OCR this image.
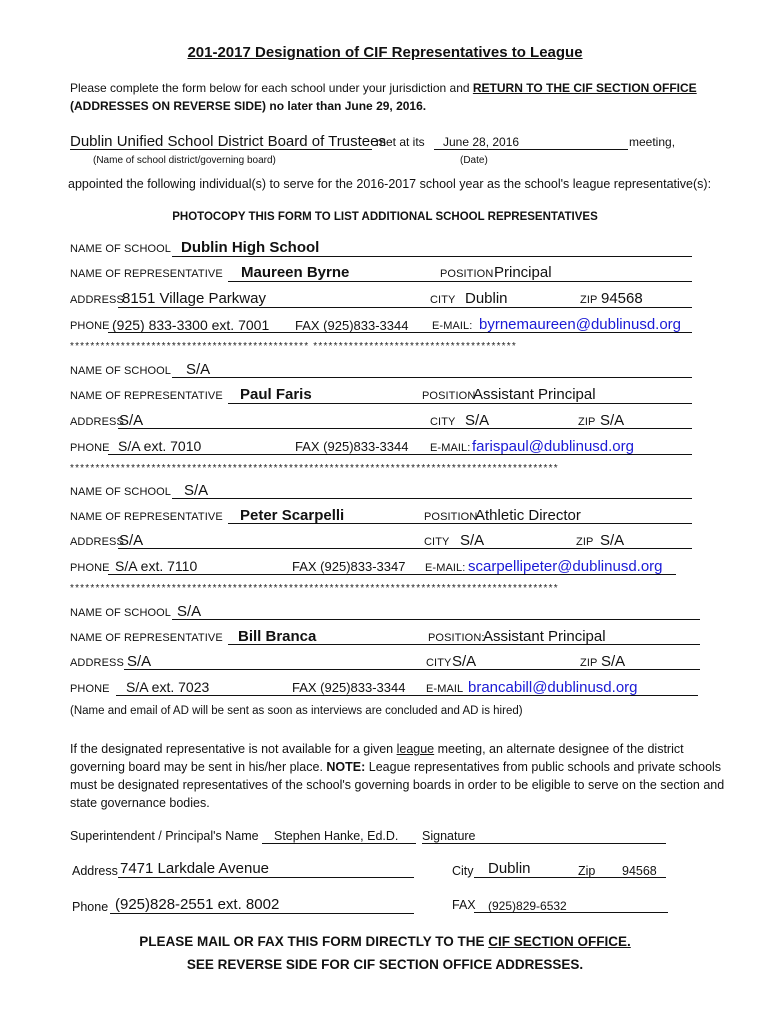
201-2017 Designation of CIF Representatives to League
Please complete the form below for each school under your jurisdiction and RETURN TO THE CIF SECTION OFFICE
(ADDRESSES ON REVERSE SIDE) no later than June 29, 2016.
Dublin Unified School District Board of Trustees
met at its June 28, 2016	meeting,
(Name of school district/governing board)	(Date)
appointed the following individual(s) to serve for the 2016-2017 school year as the school's league representative(s):
PHOTOCOPY THIS FORM TO LIST ADDITIONAL SCHOOL REPRESENTATIVES
NAME OF SCHOOL Dublin High School
NAME OF REPRESENTATIVE Maureen Byrne	POSITION Principal
ADDRESS
8151 Village Parkway	CITY Dublin	ZIP 94568
PHONE (925) 833-3300 ext. 7001 FAX (925)833-3344 E-MAIL: byrnemaureen@dublinusd.org
*********************************************** ****************************************
NAME OF SCHOOL S/A
NAME OF REPRESENTATIVE Paul Faris	POSITION
Assistant Principal
ADDRESS
S/A	CITY S/A	ZIP S/A
PHONE S/A ext. 7010	FAX (925)833-3344 E-MAIL: farispaul@dublinusd.org
************************************************************************************************
NAME OF SCHOOL S/A
NAME OF REPRESENTATIVE Peter Scarpelli	POSITION
Athletic Director
ADDRESS
S/A	CITY S/A	ZIP S/A
PHONE S/A ext. 7110	FAX (925)833-3347 E-MAIL: scarpellipeter@dublinusd.org
************************************************************************************************
NAME OF SCHOOL S/A
NAME OF REPRESENTATIVE Bill Branca	POSITION:
Assistant Principal
ADDRESS S/A	CITY S/A	ZIP S/A
PHONE S/A ext. 7023	FAX (925)833-3344 E-MAIL brancabill@dublinusd.org
(Name and email of AD will be sent as soon as interviews are concluded and AD is hired)
If the designated representative is not available for a given league meeting, an alternate designee of the district governing board may be sent in his/her place. NOTE: League representatives from public schools and private schools must be designated representatives of the school's governing boards in order to be eligible to serve on the section and state governance bodies.
Superintendent / Principal's Name Stephen Hanke, Ed.D. Signature
Address 7471 Larkdale Avenue	City Dublin	Zip 94568
Phone (925)828-2551 ext. 8002	FAX (925)829-6532
PLEASE MAIL OR FAX THIS FORM DIRECTLY TO THE CIF SECTION OFFICE.
SEE REVERSE SIDE FOR CIF SECTION OFFICE ADDRESSES.
